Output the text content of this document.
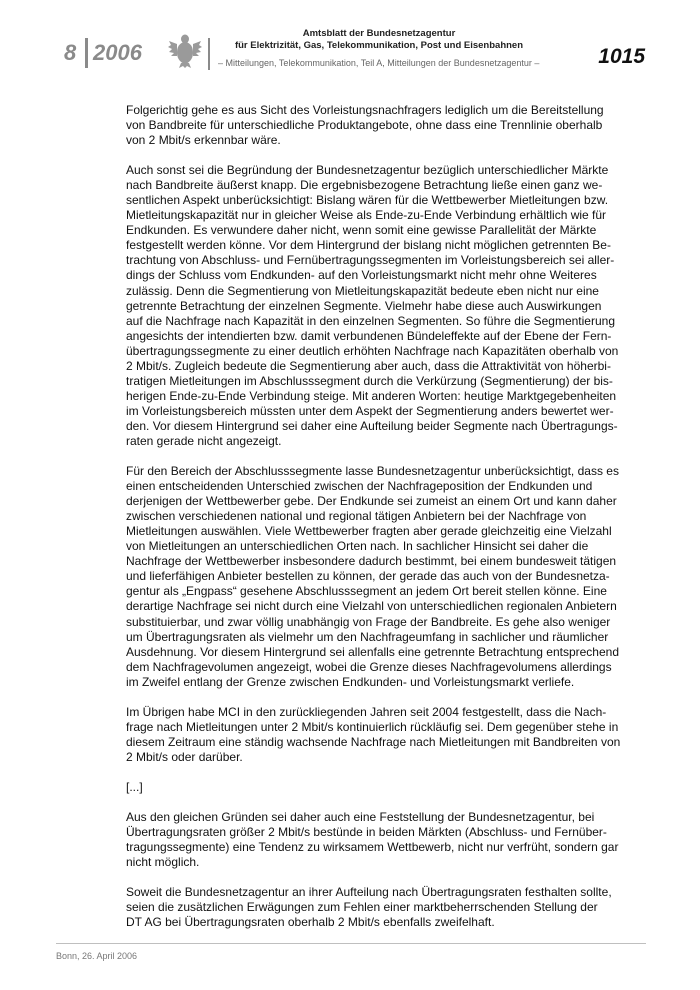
8 2006
Amtsblatt der Bundesnetzagentur
für Elektrizität, Gas, Telekommunikation, Post und Eisenbahnen
– Mitteilungen, Telekommunikation, Teil A, Mitteilungen der Bundesnetzagentur –	1015

Folgerichtig gehe es aus Sicht des Vorleistungsnachfragers lediglich um die Bereitstellung
von Bandbreite für unterschiedliche Produktangebote, ohne dass eine Trennlinie oberhalb
von 2 Mbit/s erkennbar wäre.

Auch sonst sei die Begründung der Bundesnetzagentur bezüglich unterschiedlicher Märkte
nach Bandbreite äußerst knapp. Die ergebnisbezogene Betrachtung ließe einen ganz we-
sentlichen Aspekt unberücksichtigt: Bislang wären für die Wettbewerber Mietleitungen bzw.
Mietleitungskapazität nur in gleicher Weise als Ende-zu-Ende Verbindung erhältlich wie für
Endkunden. Es verwundere daher nicht, wenn somit eine gewisse Parallelität der Märkte
festgestellt werden könne. Vor dem Hintergrund der bislang nicht möglichen getrennten Be-
trachtung von Abschluss- und Fernübertragungssegmenten im Vorleistungsbereich sei aller-
dings der Schluss vom Endkunden- auf den Vorleistungsmarkt nicht mehr ohne Weiteres
zulässig. Denn die Segmentierung von Mietleitungskapazität bedeute eben nicht nur eine
getrennte Betrachtung der einzelnen Segmente. Vielmehr habe diese auch Auswirkungen
auf die Nachfrage nach Kapazität in den einzelnen Segmenten. So führe die Segmentierung
angesichts der intendierten bzw. damit verbundenen Bündeleffekte auf der Ebene der Fern-
übertragungssegmente zu einer deutlich erhöhten Nachfrage nach Kapazitäten oberhalb von
2 Mbit/s. Zugleich bedeute die Segmentierung aber auch, dass die Attraktivität von höherbi-
tratigen Mietleitungen im Abschlusssegment durch die Verkürzung (Segmentierung) der bis-
herigen Ende-zu-Ende Verbindung steige. Mit anderen Worten: heutige Marktgegebenheiten
im Vorleistungsbereich müssten unter dem Aspekt der Segmentierung anders bewertet wer-
den. Vor diesem Hintergrund sei daher eine Aufteilung beider Segmente nach Übertragungs-
raten gerade nicht angezeigt.

Für den Bereich der Abschlusssegmente lasse Bundesnetzagentur unberücksichtigt, dass es
einen entscheidenden Unterschied zwischen der Nachfrageposition der Endkunden und
derjenigen der Wettbewerber gebe. Der Endkunde sei zumeist an einem Ort und kann daher
zwischen verschiedenen national und regional tätigen Anbietern bei der Nachfrage von
Mietleitungen auswählen. Viele Wettbewerber fragten aber gerade gleichzeitig eine Vielzahl
von Mietleitungen an unterschiedlichen Orten nach. In sachlicher Hinsicht sei daher die
Nachfrage der Wettbewerber insbesondere dadurch bestimmt, bei einem bundesweit tätigen
und lieferfähigen Anbieter bestellen zu können, der gerade das auch von der Bundesnetza-
gentur als „Engpass“ gesehene Abschlusssegment an jedem Ort bereit stellen könne. Eine
derartige Nachfrage sei nicht durch eine Vielzahl von unterschiedlichen regionalen Anbietern
substituierbar, und zwar völlig unabhängig von Frage der Bandbreite. Es gehe also weniger
um Übertragungsraten als vielmehr um den Nachfrageumfang in sachlicher und räumlicher
Ausdehnung. Vor diesem Hintergrund sei allenfalls eine getrennte Betrachtung entsprechend
dem Nachfragevolumen angezeigt, wobei die Grenze dieses Nachfragevolumens allerdings
im Zweifel entlang der Grenze zwischen Endkunden- und Vorleistungsmarkt verliefe.

Im Übrigen habe MCI in den zurückliegenden Jahren seit 2004 festgestellt, dass die Nach-
frage nach Mietleitungen unter 2 Mbit/s kontinuierlich rückläufig sei. Dem gegenüber stehe in
diesem Zeitraum eine ständig wachsende Nachfrage nach Mietleitungen mit Bandbreiten von
2 Mbit/s oder darüber.

[...]

Aus den gleichen Gründen sei daher auch eine Feststellung der Bundesnetzagentur, bei
Übertragungsraten größer 2 Mbit/s bestünde in beiden Märkten (Abschluss- und Fernüber-
tragungssegmente) eine Tendenz zu wirksamem Wettbewerb, nicht nur verfrüht, sondern gar
nicht möglich.

Soweit die Bundesnetzagentur an ihrer Aufteilung nach Übertragungsraten festhalten sollte,
seien die zusätzlichen Erwägungen zum Fehlen einer marktbeherrschenden Stellung der
DT AG bei Übertragungsraten oberhalb 2 Mbit/s ebenfalls zweifelhaft.

Bonn, 26. April 2006
